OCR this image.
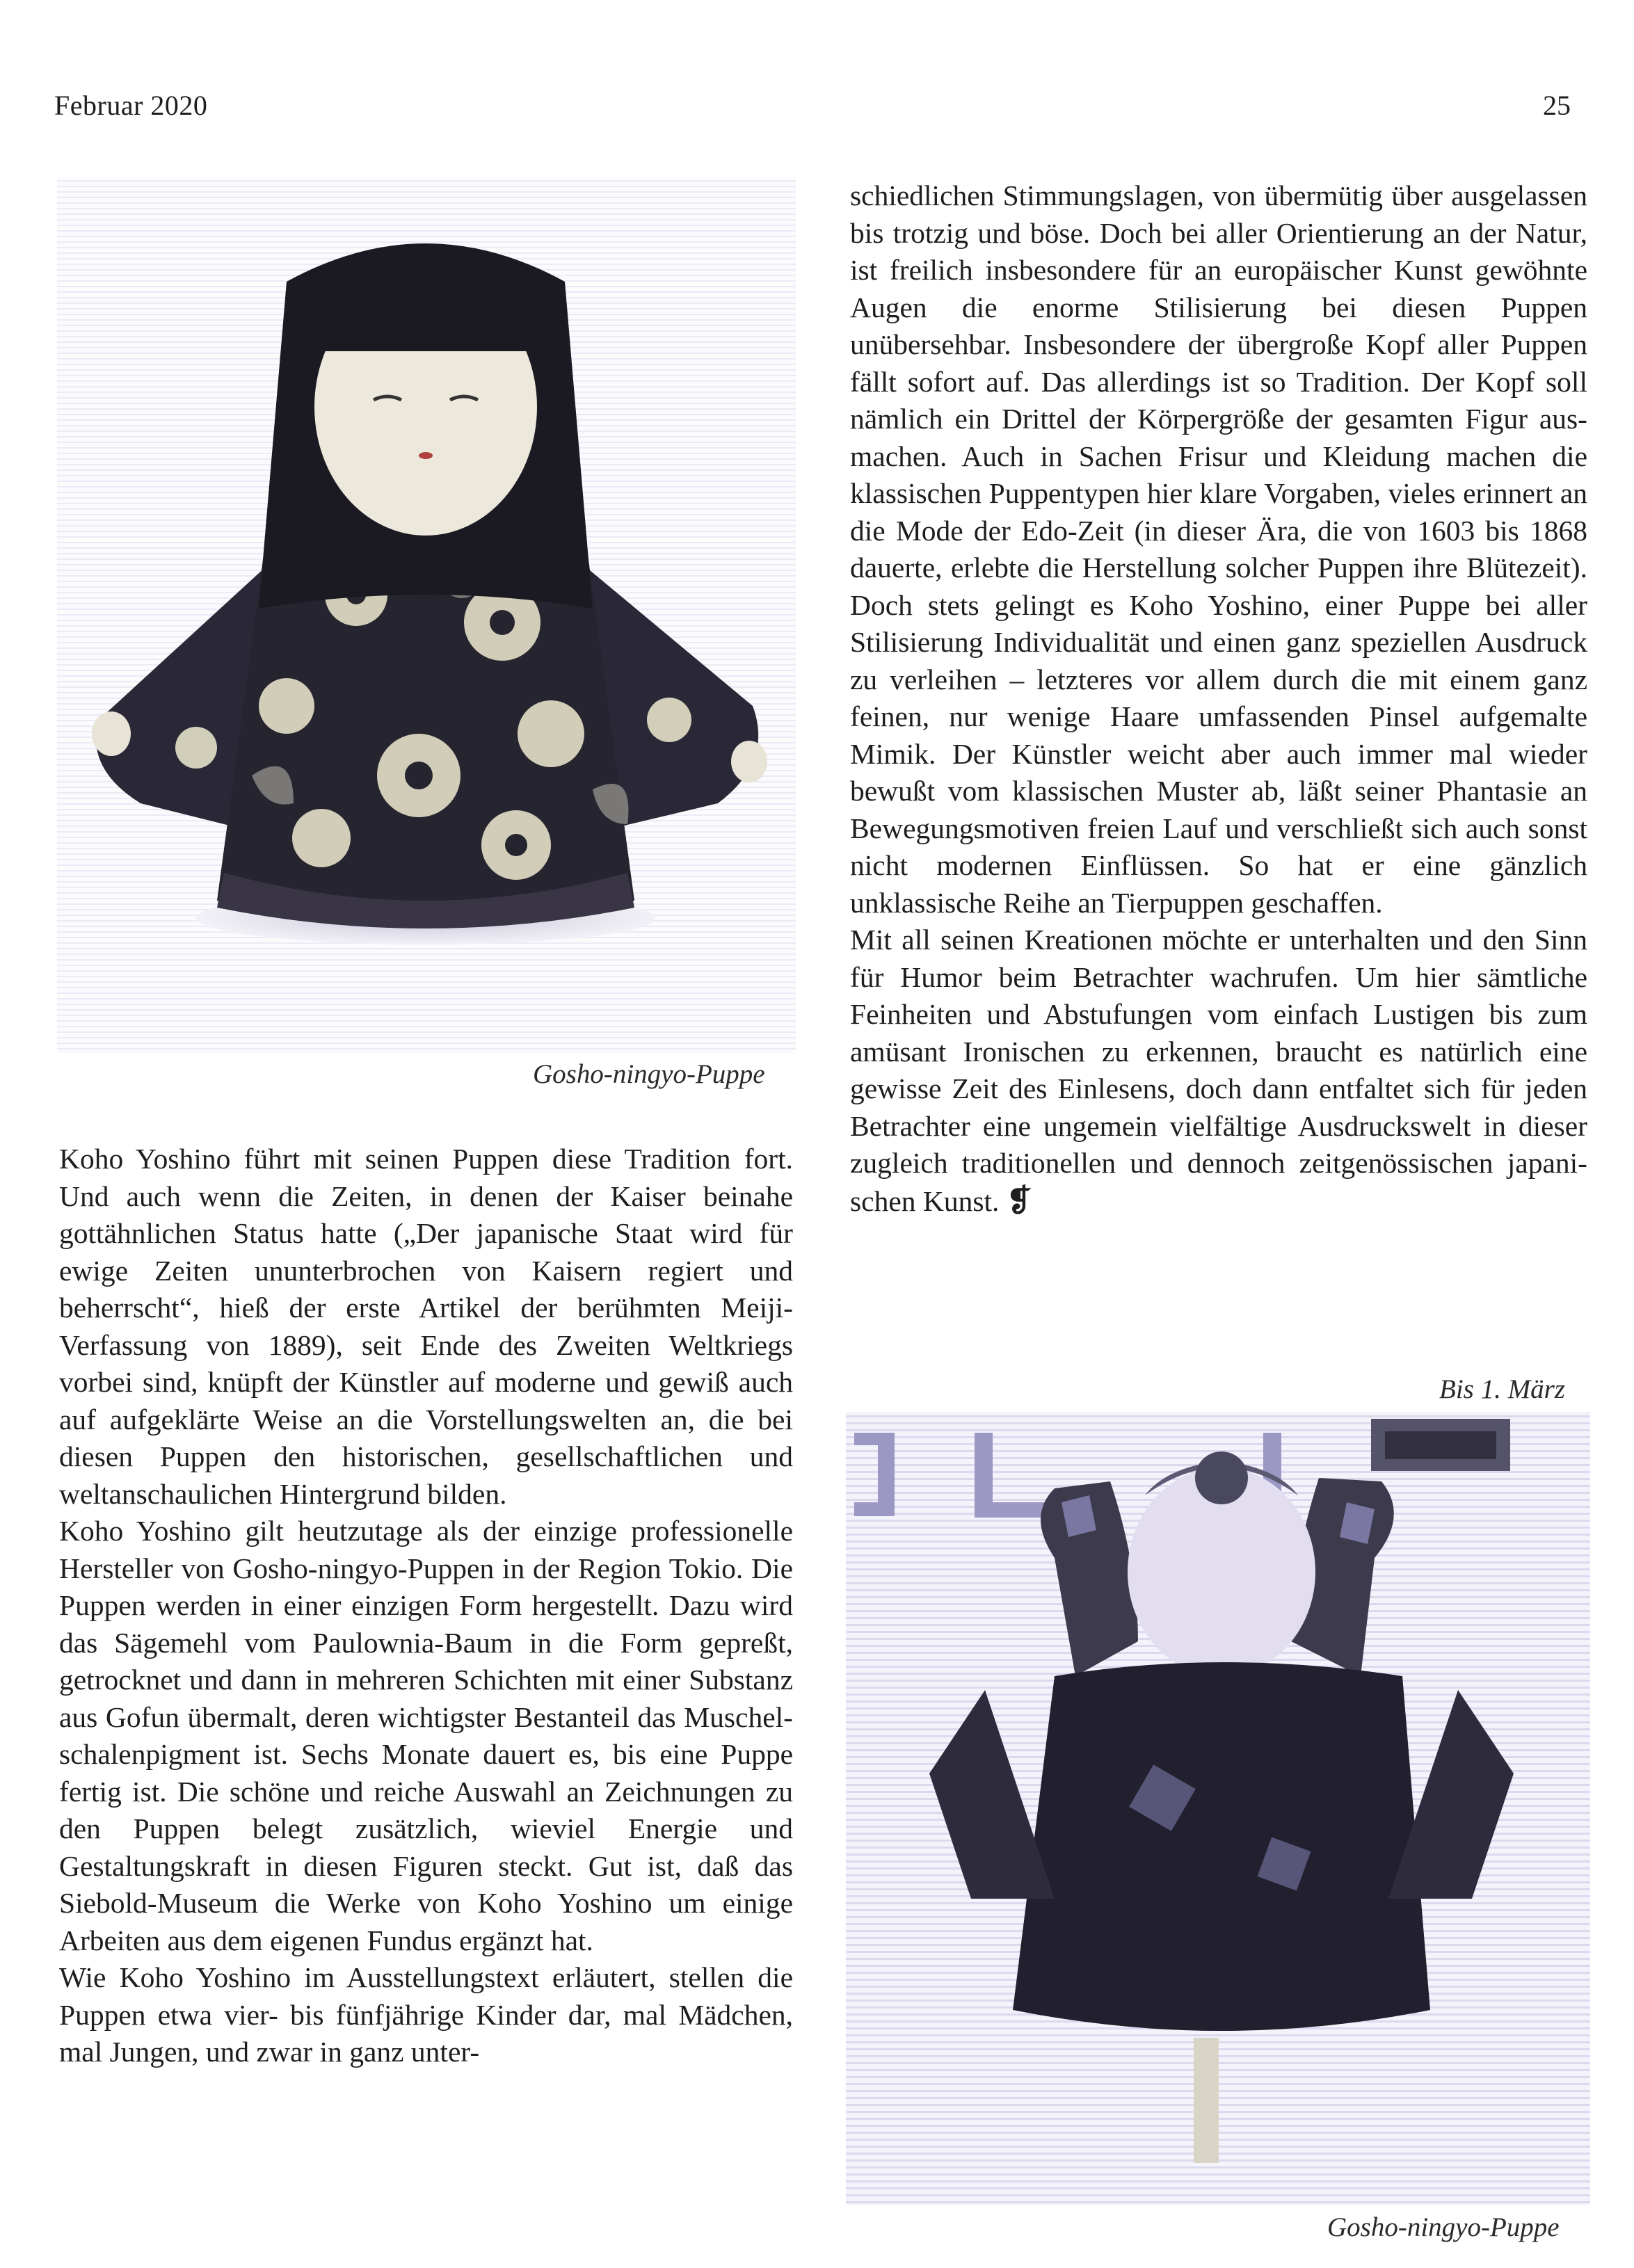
Februar 2020	25
Gosho-ningyo-Puppe

Koho Yoshino führt mit seinen Puppen diese Tradition fort. Und auch wenn die Zeiten, in denen der Kaiser beinahe gottähnlichen Status hatte („Der japanische Staat wird für ewige Zeiten ununterbrochen von Kaisern regiert und beherrscht“, hieß der erste Artikel der berühmten Meiji-Verfassung von 1889), seit Ende des Zweiten Weltkriegs vorbei sind, knüpft der Künstler auf moderne und gewiß auch auf aufgeklärte Weise an die Vorstellungswelten an, die bei diesen Puppen den historischen, gesellschaftlichen und weltanschaulichen Hintergrund bilden.

Koho Yoshino gilt heutzutage als der einzige professionelle Hersteller von Gosho-ningyo-Puppen in der Region Tokio. Die Puppen werden in einer einzigen Form hergestellt. Dazu wird das Sägemehl vom Paulownia-Baum in die Form gepreßt, getrocknet und dann in mehreren Schichten mit einer Substanz aus Gofun übermalt, deren wichtigster Bestanteil das Muschelschalenpigment ist. Sechs Monate dauert es, bis eine Puppe fertig ist. Die schöne und reiche Auswahl an Zeichnungen zu den Puppen belegt zusätzlich, wieviel Energie und Gestaltungskraft in diesen Figuren steckt. Gut ist, daß das Siebold-Museum die Werke von Koho Yoshino um einige Arbeiten aus dem eigenen Fundus ergänzt hat.

Wie Koho Yoshino im Ausstellungstext erläutert, stellen die Puppen etwa vier- bis fünfjährige Kinder dar, mal Mädchen, mal Jungen, und zwar in ganz unter-

schiedlichen Stimmungslagen, von übermütig über ausgelassen bis trotzig und böse. Doch bei aller Orientierung an der Natur, ist freilich insbesondere für an europäischer Kunst gewöhnte Augen die enorme Stilisierung bei diesen Puppen unübersehbar. Insbesondere der übergroße Kopf aller Puppen fällt sofort auf. Das allerdings ist so Tradition. Der Kopf soll nämlich ein Drittel der Körpergröße der gesamten Figur ausmachen. Auch in Sachen Frisur und Kleidung machen die klassischen Puppentypen hier klare Vorgaben, vieles erinnert an die Mode der Edo-Zeit (in dieser Ära, die von 1603 bis 1868 dauerte, erlebte die Herstellung solcher Puppen ihre Blütezeit). Doch stets gelingt es Koho Yoshino, einer Puppe bei aller Stilisierung Individualität und einen ganz speziellen Ausdruck zu verleihen – letzteres vor allem durch die mit einem ganz feinen, nur wenige Haare umfassenden Pinsel aufgemalte Mimik. Der Künstler weicht aber auch immer mal wieder bewußt vom klassischen Muster ab, läßt seiner Phantasie an Bewegungsmotiven freien Lauf und verschließt sich auch sonst nicht modernen Einflüssen. So hat er eine gänzlich unklassische Reihe an Tierpuppen geschaffen.

Mit all seinen Kreationen möchte er unterhalten und den Sinn für Humor beim Betrachter wachrufen. Um hier sämtliche Feinheiten und Abstufungen vom einfach Lustigen bis zum amüsant Ironischen zu erkennen, braucht es natürlich eine gewisse Zeit des Einlesens, doch dann entfaltet sich für jeden Betrachter eine ungemein vielfältige Ausdruckswelt in dieser zugleich traditionellen und dennoch zeitgenössischen japanischen Kunst. ❡

Bis 1. März
Gosho-ningyo-Puppe
